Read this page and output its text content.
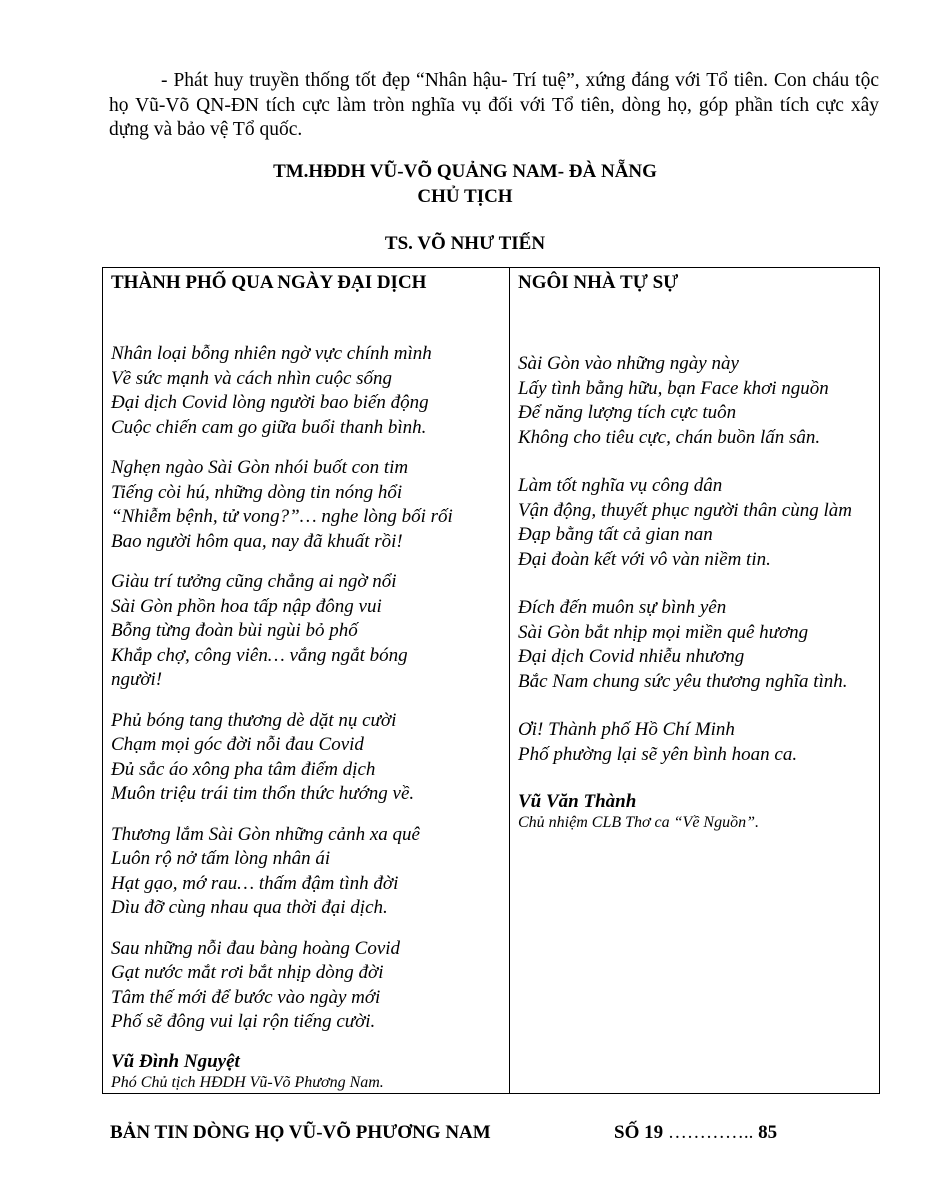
- Phát huy truyền thống tốt đẹp “Nhân hậu- Trí tuệ”, xứng đáng với Tổ tiên. Con cháu tộc họ Vũ-Võ QN-ĐN tích cực làm tròn nghĩa vụ đối với Tổ tiên, dòng họ, góp phần tích cực xây dựng và bảo vệ Tổ quốc.

TM.HĐDH VŨ-VÕ QUẢNG NAM- ĐÀ NẴNG

CHỦ TỊCH

TS. VÕ NHƯ TIẾN

THÀNH PHỐ QUA NGÀY ĐẠI DỊCH

Nhân loại bỗng nhiên ngờ vực chính mình
Về sức mạnh và cách nhìn cuộc sống
Đại dịch Covid lòng người bao biến động
Cuộc chiến cam go giữa buổi thanh bình.
Nghẹn ngào Sài Gòn nhói buốt con tim
Tiếng còi hú, những dòng tin nóng hổi
“Nhiễm bệnh, tử vong?”… nghe lòng bối rối
Bao người hôm qua, nay đã khuất rồi!
Giàu trí tưởng cũng chẳng ai ngờ nổi
Sài Gòn phồn hoa tấp nập đông vui
Bỗng từng đoàn bùi ngùi bỏ phố
Khắp chợ, công viên… vắng ngắt bóng người!
Phủ bóng tang thương dè dặt nụ cười
Chạm mọi góc đời nỗi đau Covid
Đủ sắc áo xông pha tâm điểm dịch
Muôn triệu trái tim thổn thức hướng về.
Thương lắm Sài Gòn những cảnh xa quê
Luôn rộ nở tấm lòng nhân ái
Hạt gạo, mớ rau… thấm đậm tình đời
Dìu đỡ cùng nhau qua thời đại dịch.
Sau những nỗi đau bàng hoàng Covid
Gạt nước mắt rơi bắt nhịp dòng đời
Tâm thế mới để bước vào ngày mới
Phố sẽ đông vui lại rộn tiếng cười.

Vũ Đình Nguyệt

Phó Chủ tịch HĐDH Vũ-Võ Phương Nam.

NGÔI NHÀ TỰ SỰ

Sài Gòn vào những ngày này
Lấy tình bằng hữu, bạn Face khơi nguồn
Để năng lượng tích cực tuôn
Không cho tiêu cực, chán buồn lấn sân.
Làm tốt nghĩa vụ công dân
Vận động, thuyết phục người thân cùng làm
Đạp bằng tất cả gian nan
Đại đoàn kết với vô vàn niềm tin.
Đích đến muôn sự bình yên
Sài Gòn bắt nhịp mọi miền quê hương
Đại dịch Covid nhiễu nhương
Bắc Nam chung sức yêu thương nghĩa tình.
Ơi! Thành phố Hồ Chí Minh
Phố phường lại sẽ yên bình hoan ca.

Vũ Văn Thành

Chủ nhiệm CLB Thơ ca “Về Nguồn”.

BẢN TIN DÒNG HỌ VŨ-VÕ PHƯƠNG NAM	SỐ 19 ………….. 85
